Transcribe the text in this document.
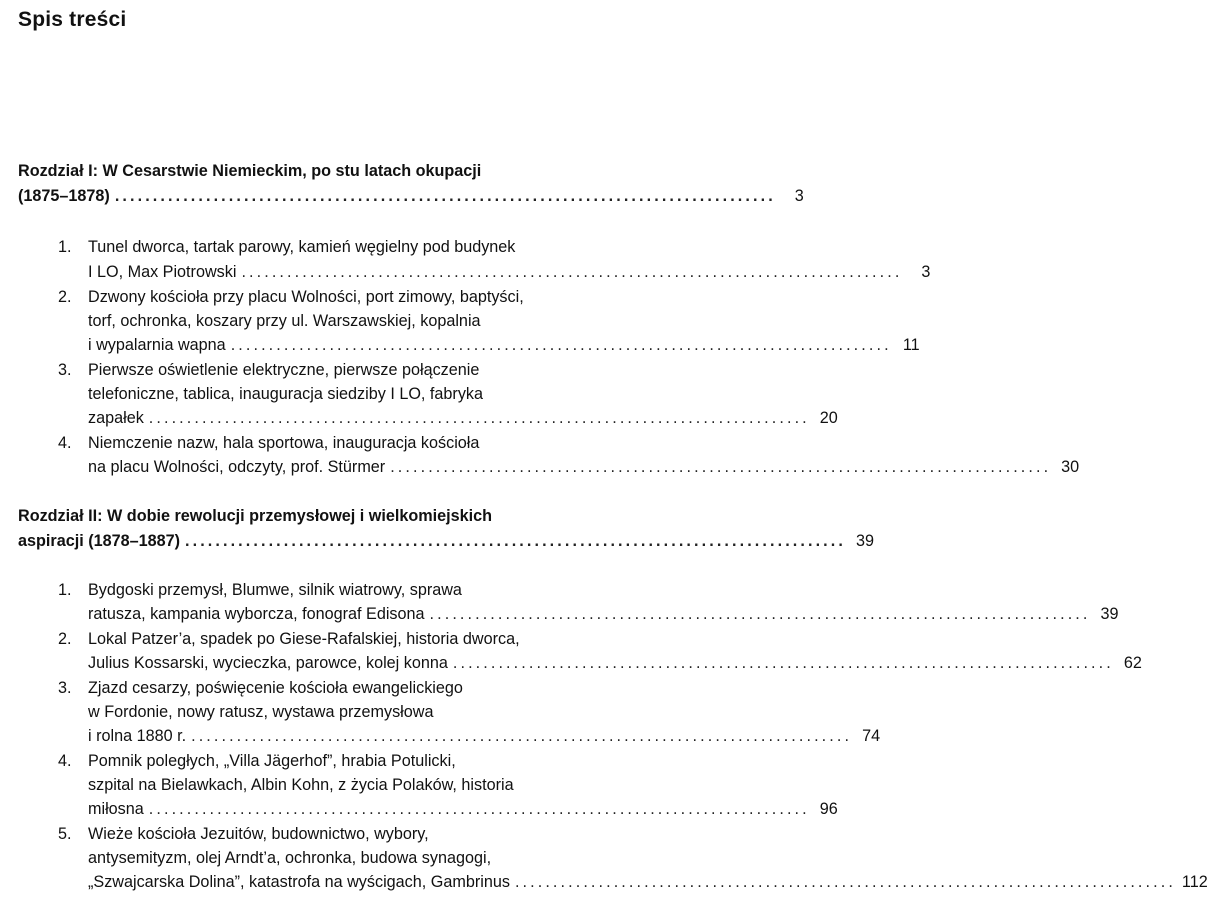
Spis treści
Rozdział I: W Cesarstwie Niemieckim, po stu latach okupacji
(1875–1878) .......................................................................................	3
1.	Tunel dworca, tartak parowy, kamień węgielny pod budynek
I LO, Max Piotrowski .......................................................................................	3
2.	Dzwony kościoła przy placu Wolności, port zimowy, baptyści,
torf, ochronka, koszary przy ul. Warszawskiej, kopalnia
i wypalarnia wapna ....................................................................................... 11
3.	Pierwsze oświetlenie elektryczne, pierwsze połączenie
telefoniczne, tablica, inauguracja siedziby I LO, fabryka
zapałek ....................................................................................... 20
4.	Niemczenie nazw, hala sportowa, inauguracja kościoła
na placu Wolności, odczyty, prof. Stürmer ....................................................................................... 30
Rozdział II: W dobie rewolucji przemysłowej i wielkomiejskich
aspiracji (1878–1887) ....................................................................................... 39
1.	Bydgoski przemysł, Blumwe, silnik wiatrowy, sprawa
ratusza, kampania wyborcza, fonograf Edisona ....................................................................................... 39
2.	Lokal Patzer’a, spadek po Giese-Rafalskiej, historia dworca,
Julius Kossarski, wycieczka, parowce, kolej konna ....................................................................................... 62
3.	Zjazd cesarzy, poświęcenie kościoła ewangelickiego
w Fordonie, nowy ratusz, wystawa przemysłowa
i rolna 1880 r. ....................................................................................... 74
4.	Pomnik poległych, „Villa Jägerhof”, hrabia Potulicki,
szpital na Bielawkach, Albin Kohn, z życia Polaków, historia
miłosna ....................................................................................... 96
5.	Wieże kościoła Jezuitów, budownictwo, wybory,
antysemityzm, olej Arndt’a, ochronka, budowa synagogi,
„Szwajcarska Dolina”, katastrofa na wyścigach, Gambrinus ....................................................................................... 112
